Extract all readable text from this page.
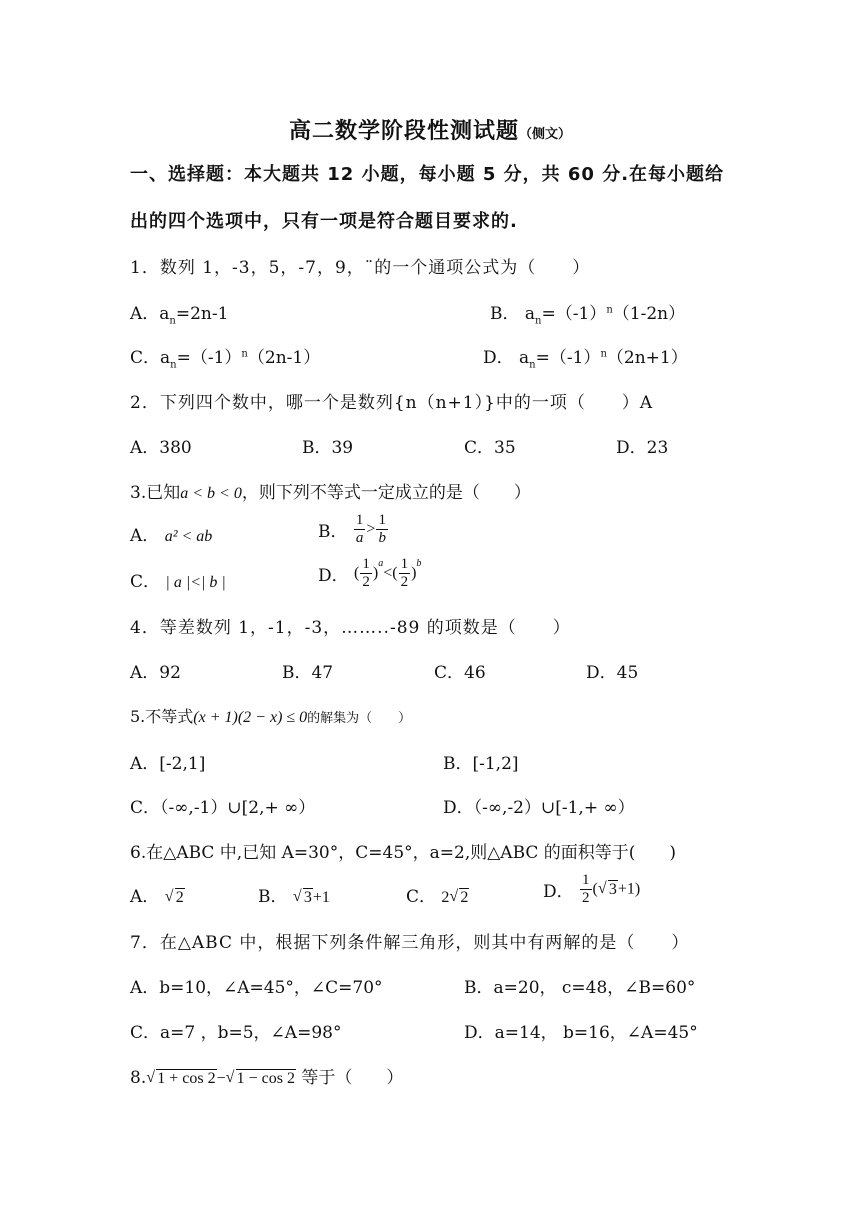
高二数学阶段性测试题（侧文）
一、选择题：本大题共 12 小题，每小题 5 分，共 60 分.在每小题给
出的四个选项中，只有一项是符合题目要求的.
1．数列 1，-3，5，-7，9，¨的一个通项公式为（　　）
A．$a_n=2n-1$	B． $a_n=(-1)^n(1-2n)$
C．$a_n=(-1)^n(2n-1)$	D． $a_n=(-1)^n(2n+1)$
2．下列四个数中，哪一个是数列{n（n+1）}中的一项（　　）A
A．380	B．39	C．35	D．23
3.已知a < b < 0，则下列不等式一定成立的是（　　）
A． a² < ab	B． $\frac{1}{a} > \frac{1}{b}$
C． | a |<| b |	D． ( $\frac{1}{2} )^a<( \frac{1}{2} )^b$
4．等差数列 1，-1，-3，……..-89 的项数是（　　）
A．92	B．47	C．46	D．45
5.不等式(x + 1)(2 − x) ≤ 0的解集为（　　）
A．[-2,1]	B．[-1,2]
C．（-∞,-1）∪[2,+ ∞）	D．（-∞,-2）∪[-1,+ ∞）
6.在△ABC 中,已知 A=30°，C=45°，a=2,则△ABC 的面积等于(　　)
A． √ 2	B． √ 3+1	C． 2 √ 2	D． $\frac{1}{2}$ ( √ 3+1)
7．在△ABC 中，根据下列条件解三角形，则其中有两解的是（　　）
A．b=10，∠A=45°，∠C=70°	B．a=20， c=48，∠B=60°
C．a=7 ，b=5，∠A=98°	D．a=14， b=16，∠A=45°
8. √ 1 + cos 2− √ 1 − cos 2 等于（　　）
